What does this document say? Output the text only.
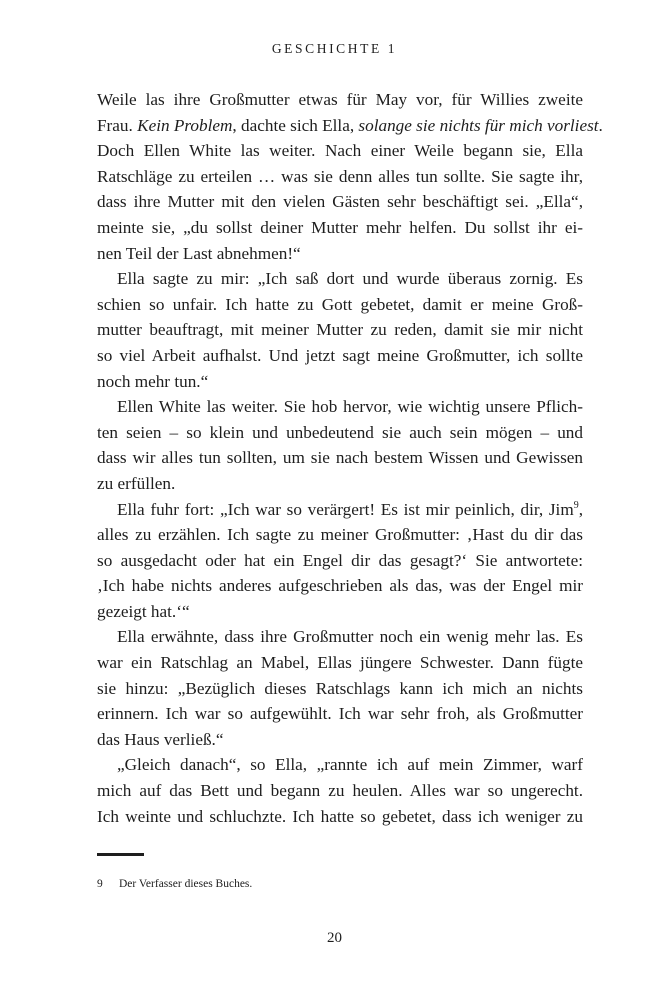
GESCHICHTE 1
Weile las ihre Großmutter etwas für May vor, für Willies zweite
Frau. Kein Problem, dachte sich Ella, solange sie nichts für mich vorliest.
Doch Ellen White las weiter. Nach einer Weile begann sie, Ella
Ratschläge zu erteilen … was sie denn alles tun sollte. Sie sagte ihr,
dass ihre Mutter mit den vielen Gästen sehr beschäftigt sei. „Ella“,
meinte sie, „du sollst deiner Mutter mehr helfen. Du sollst ihr ei-
nen Teil der Last abnehmen!“
Ella sagte zu mir: „Ich saß dort und wurde überaus zornig. Es
schien so unfair. Ich hatte zu Gott gebetet, damit er meine Groß-
mutter beauftragt, mit meiner Mutter zu reden, damit sie mir nicht
so viel Arbeit aufhalst. Und jetzt sagt meine Großmutter, ich sollte
noch mehr tun.“
Ellen White las weiter. Sie hob hervor, wie wichtig unsere Pflich-
ten seien – so klein und unbedeutend sie auch sein mögen – und
dass wir alles tun sollten, um sie nach bestem Wissen und Gewissen
zu erfüllen.
Ella fuhr fort: „Ich war so verärgert! Es ist mir peinlich, dir, Jim$^9$,
alles zu erzählen. Ich sagte zu meiner Großmutter: ‚Hast du dir das
so ausgedacht oder hat ein Engel dir das gesagt?‘ Sie antwortete:
‚Ich habe nichts anderes aufgeschrieben als das, was der Engel mir
gezeigt hat.‘“
Ella erwähnte, dass ihre Großmutter noch ein wenig mehr las. Es
war ein Ratschlag an Mabel, Ellas jüngere Schwester. Dann fügte
sie hinzu: „Bezüglich dieses Ratschlags kann ich mich an nichts
erinnern. Ich war so aufgewühlt. Ich war sehr froh, als Großmutter
das Haus verließ.“
„Gleich danach“, so Ella, „rannte ich auf mein Zimmer, warf
mich auf das Bett und begann zu heulen. Alles war so ungerecht.
Ich weinte und schluchzte. Ich hatte so gebetet, dass ich weniger zu
9 Der Verfasser dieses Buches.
20
